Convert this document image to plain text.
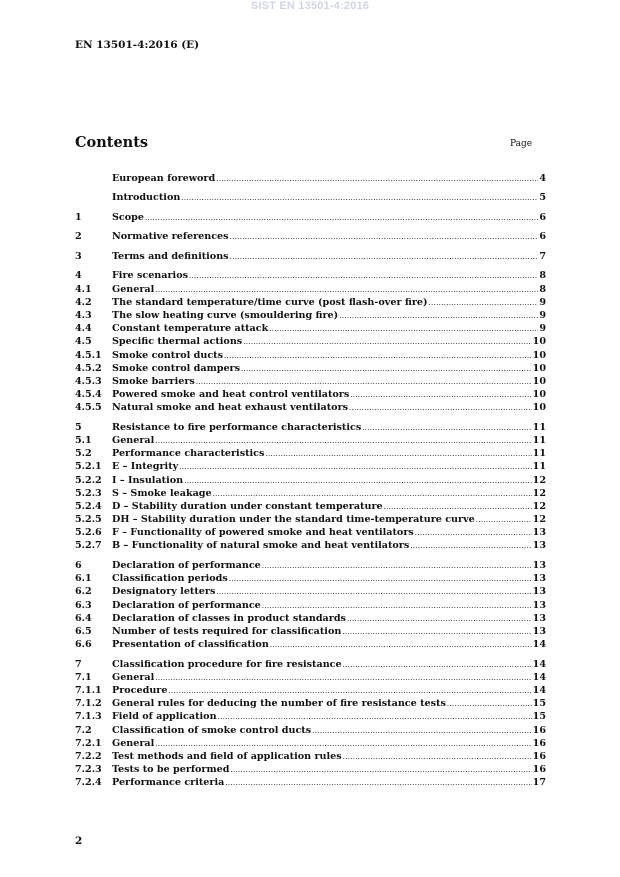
SIST EN 13501-4:2016
EN 13501-4:2016 (E)
Contents	Page
European foreword .....	4
Introduction .....	5
1	Scope .....	6
2	Normative references .....	6
3	Terms and definitions .....	7
4	Fire scenarios .....	8
4.1	General .....	8
4.2	The standard temperature/time curve (post flash-over fire) .....	9
4.3	The slow heating curve (smouldering fire) .....	9
4.4	Constant temperature attack .....	9
4.5	Specific thermal actions .....	10
4.5.1	Smoke control ducts .....	10
4.5.2	Smoke control dampers .....	10
4.5.3	Smoke barriers .....	10
4.5.4	Powered smoke and heat control ventilators .....	10
4.5.5	Natural smoke and heat exhaust ventilators .....	10
5	Resistance to fire performance characteristics .....	11
5.1	General .....	11
5.2	Performance characteristics .....	11
5.2.1	E – Integrity .....	11
5.2.2	I – Insulation .....	12
5.2.3	S – Smoke leakage .....	12
5.2.4	D – Stability duration under constant temperature .....	12
5.2.5	DH – Stability duration under the standard time-temperature curve .....	12
5.2.6	F – Functionality of powered smoke and heat ventilators .....	13
5.2.7	B – Functionality of natural smoke and heat ventilators .....	13
6	Declaration of performance .....	13
6.1	Classification periods .....	13
6.2	Designatory letters .....	13
6.3	Declaration of performance .....	13
6.4	Declaration of classes in product standards .....	13
6.5	Number of tests required for classification .....	13
6.6	Presentation of classification .....	14
7	Classification procedure for fire resistance .....	14
7.1	General .....	14
7.1.1	Procedure .....	14
7.1.2	General rules for deducing the number of fire resistance tests .....	15
7.1.3	Field of application .....	15
7.2	Classification of smoke control ducts .....	16
7.2.1	General .....	16
7.2.2	Test methods and field of application rules .....	16
7.2.3	Tests to be performed .....	16
7.2.4	Performance criteria .....	17
2
